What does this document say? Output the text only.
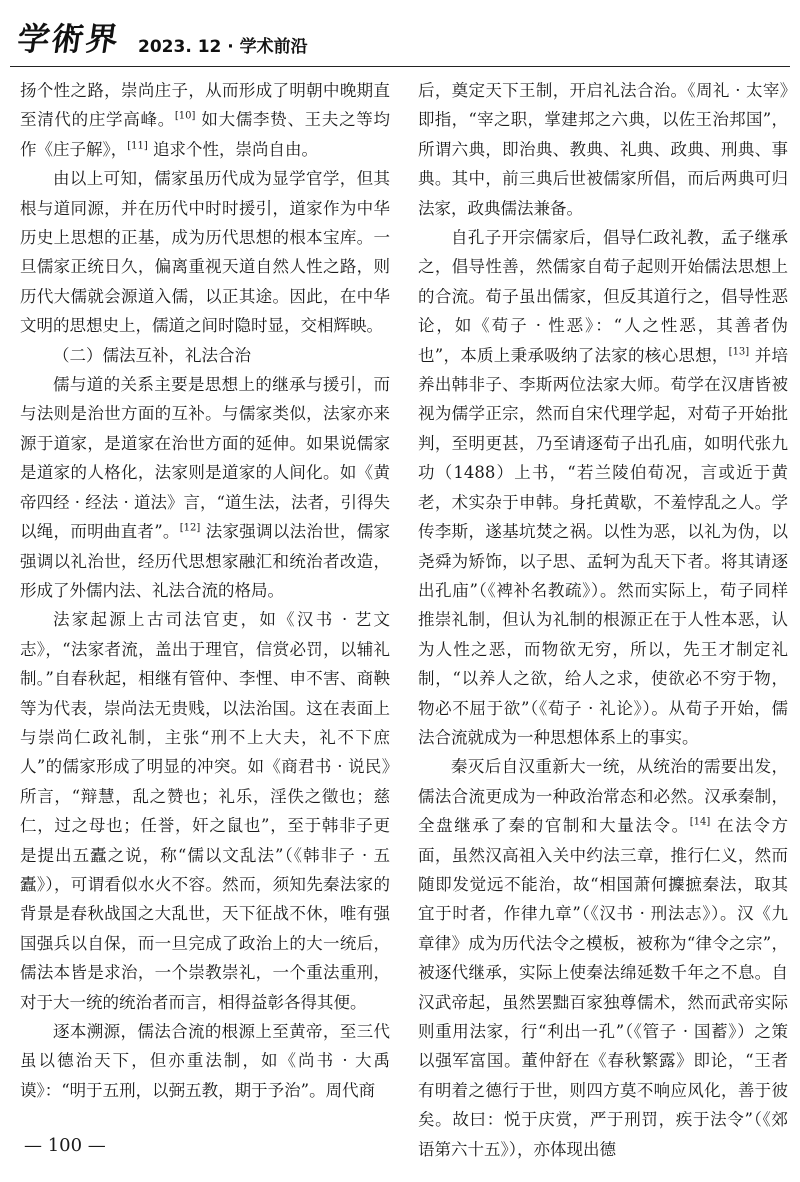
学術界 2023. 12 · 学术前沿

扬个性之路，崇尚庄子，从而形成了明朝中晚期直至清代的庄学高峰。[10] 如大儒李贽、王夫之等均作《庄子解》，[11] 追求个性，崇尚自由。

由以上可知，儒家虽历代成为显学官学，但其根与道同源，并在历代中时时援引，道家作为中华历史上思想的正基，成为历代思想的根本宝库。一旦儒家正统日久，偏离重视天道自然人性之路，则历代大儒就会源道入儒，以正其途。因此，在中华文明的思想史上，儒道之间时隐时显，交相辉映。

（二）儒法互补，礼法合治

儒与道的关系主要是思想上的继承与援引，而与法则是治世方面的互补。与儒家类似，法家亦来源于道家，是道家在治世方面的延伸。如果说儒家是道家的人格化，法家则是道家的人间化。如《黄帝四经 · 经法 · 道法》言，“道生法，法者，引得失以绳，而明曲直者”。[12] 法家强调以法治世，儒家强调以礼治世，经历代思想家融汇和统治者改造，形成了外儒内法、礼法合流的格局。

法家起源上古司法官吏，如《汉书 · 艺文志》，“法家者流，盖出于理官，信赏必罚，以辅礼制。”自春秋起，相继有管仲、李悝、申不害、商鞅等为代表，崇尚法无贵贱，以法治国。这在表面上与崇尚仁政礼制，主张“刑不上大夫，礼不下庶人”的儒家形成了明显的冲突。如《商君书 · 说民》所言，“辩慧，乱之赞也；礼乐，淫佚之徵也；慈仁，过之母也；任誉，奸之鼠也”，至于韩非子更是提出五蠹之说，称“儒以文乱法”（《韩非子 · 五蠹》），可谓看似水火不容。然而，须知先秦法家的背景是春秋战国之大乱世，天下征战不休，唯有强国强兵以自保，而一旦完成了政治上的大一统后，儒法本皆是求治，一个崇教崇礼，一个重法重刑，对于大一统的统治者而言，相得益彰各得其便。

逐本溯源，儒法合流的根源上至黄帝，至三代虽以德治天下，但亦重法制，如《尚书 · 大禹谟》：“明于五刑，以弼五教，期于予治”。周代商

后，奠定天下王制，开启礼法合治。《周礼 · 太宰》即指，“宰之职，掌建邦之六典，以佐王治邦国”，所谓六典，即治典、教典、礼典、政典、刑典、事典。其中，前三典后世被儒家所倡，而后两典可归法家，政典儒法兼备。

自孔子开宗儒家后，倡导仁政礼教，孟子继承之，倡导性善，然儒家自荀子起则开始儒法思想上的合流。荀子虽出儒家，但反其道行之，倡导性恶论，如《荀子 · 性恶》：“人之性恶，其善者伪也”，本质上秉承吸纳了法家的核心思想，[13] 并培养出韩非子、李斯两位法家大师。荀学在汉唐皆被视为儒学正宗，然而自宋代理学起，对荀子开始批判，至明更甚，乃至请逐荀子出孔庙，如明代张九功（1488）上书，“若兰陵伯荀况，言或近于黄老，术实杂于申韩。身托黄歇，不羞悖乱之人。学传李斯，遂基坑焚之祸。以性为恶，以礼为伪，以尧舜为矫饰，以子思、孟轲为乱天下者。将其请逐出孔庙”（《裨补名教疏》）。然而实际上，荀子同样推崇礼制，但认为礼制的根源正在于人性本恶，认为人性之恶，而物欲无穷，所以，先王才制定礼制，“以养人之欲，给人之求，使欲必不穷于物，物必不屈于欲”（《荀子 · 礼论》）。从荀子开始，儒法合流就成为一种思想体系上的事实。

秦灭后自汉重新大一统，从统治的需要出发，儒法合流更成为一种政治常态和必然。汉承秦制，全盘继承了秦的官制和大量法令。[14] 在法令方面，虽然汉高祖入关中约法三章，推行仁义，然而随即发觉远不能治，故“相国萧何攈摭秦法，取其宜于时者，作律九章”（《汉书 · 刑法志》）。汉《九章律》成为历代法令之模板，被称为“律令之宗”，被逐代继承，实际上使秦法绵延数千年之不息。自汉武帝起，虽然罢黜百家独尊儒术，然而武帝实际则重用法家，行“利出一孔”（《管子 · 国蓄》）之策以强军富国。董仲舒在《春秋繁露》即论，“王者有明着之德行于世，则四方莫不响应风化，善于彼矣。故曰：悦于庆赏，严于刑罚，疾于法令”（《郊语第六十五》），亦体现出德

— 100 —
